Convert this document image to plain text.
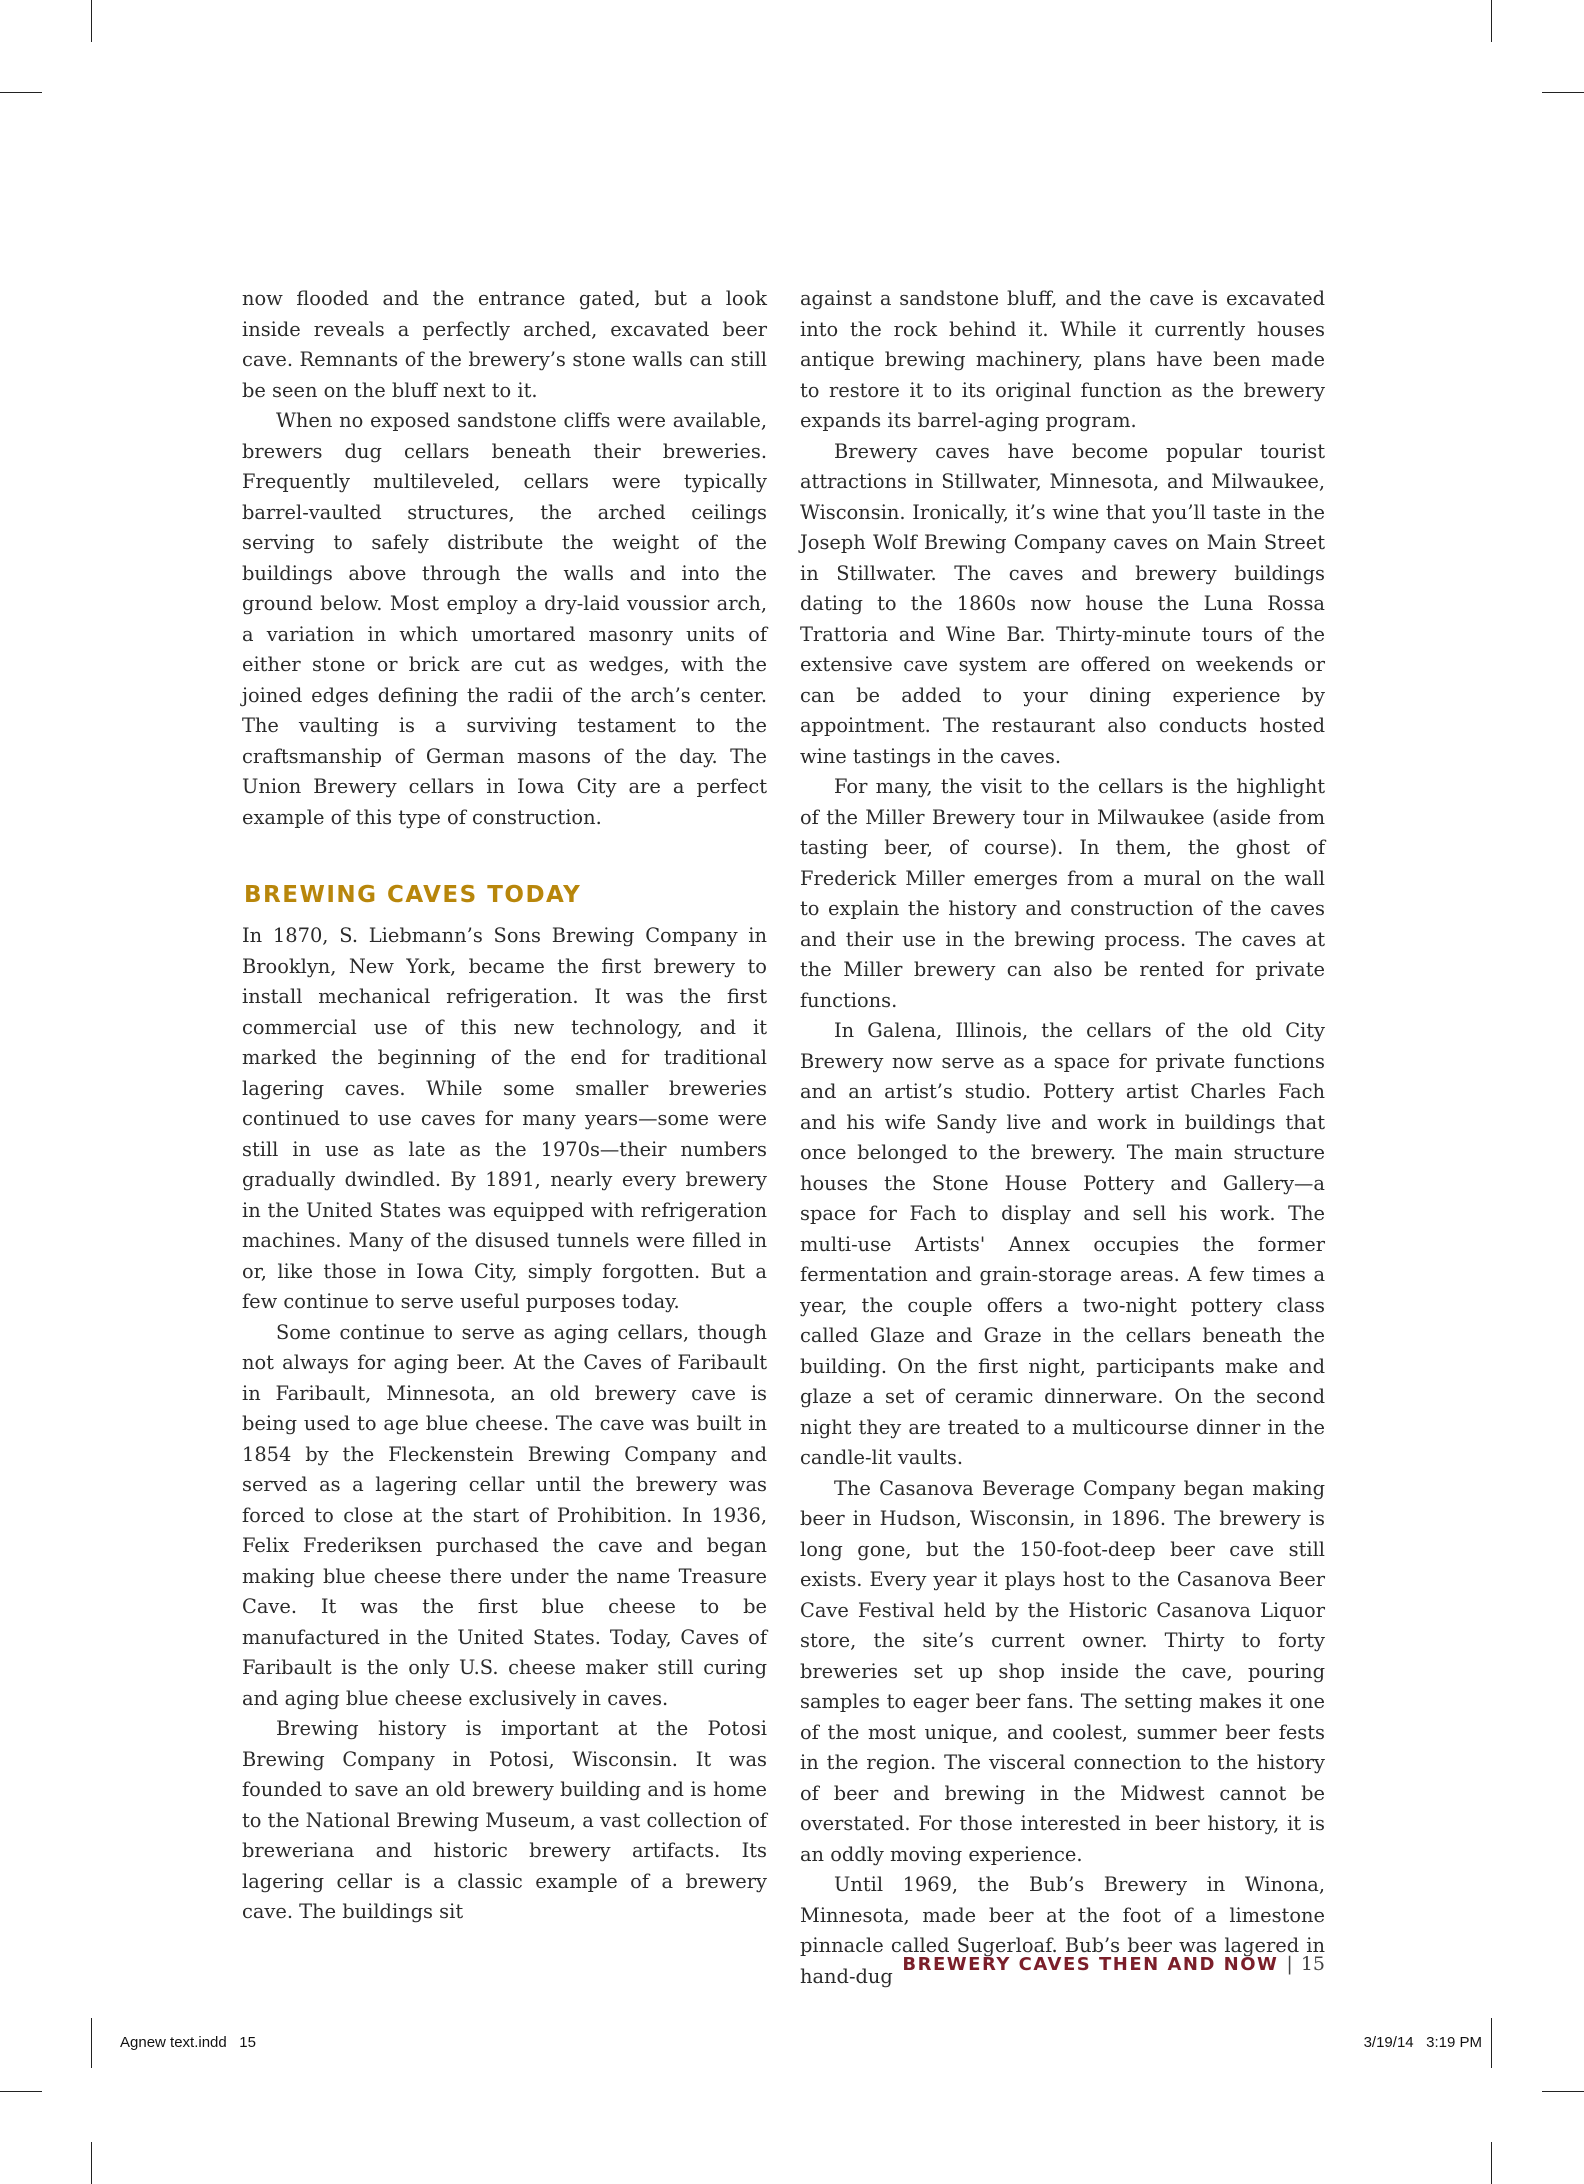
now flooded and the entrance gated, but a look inside reveals a perfectly arched, excavated beer cave. Remnants of the brewery’s stone walls can still be seen on the bluff next to it.

When no exposed sandstone cliffs were available, brewers dug cellars beneath their breweries. Frequently multileveled, cellars were typically barrel-vaulted structures, the arched ceilings serving to safely distribute the weight of the buildings above through the walls and into the ground below. Most employ a dry-laid voussior arch, a variation in which umortared masonry units of either stone or brick are cut as wedges, with the joined edges defining the radii of the arch’s center. The vaulting is a surviving testament to the craftsmanship of German masons of the day. The Union Brewery cellars in Iowa City are a perfect example of this type of construction.

BREWING CAVES TODAY

In 1870, S. Liebmann’s Sons Brewing Company in Brooklyn, New York, became the first brewery to install mechanical refrigeration. It was the first commercial use of this new technology, and it marked the beginning of the end for traditional lagering caves. While some smaller breweries continued to use caves for many years—some were still in use as late as the 1970s—their numbers gradually dwindled. By 1891, nearly every brewery in the United States was equipped with refrigeration machines. Many of the disused tunnels were filled in or, like those in Iowa City, simply forgotten. But a few continue to serve useful purposes today.

Some continue to serve as aging cellars, though not always for aging beer. At the Caves of Faribault in Faribault, Minnesota, an old brewery cave is being used to age blue cheese. The cave was built in 1854 by the Fleckenstein Brewing Company and served as a lagering cellar until the brewery was forced to close at the start of Prohibition. In 1936, Felix Frederiksen purchased the cave and began making blue cheese there under the name Treasure Cave. It was the first blue cheese to be manufactured in the United States. Today, Caves of Faribault is the only U.S. cheese maker still curing and aging blue cheese exclusively in caves.

Brewing history is important at the Potosi Brewing Company in Potosi, Wisconsin. It was founded to save an old brewery building and is home to the National Brewing Museum, a vast collection of breweriana and historic brewery artifacts. Its lagering cellar is a classic example of a brewery cave. The buildings sit

against a sandstone bluff, and the cave is excavated into the rock behind it. While it currently houses antique brewing machinery, plans have been made to restore it to its original function as the brewery expands its barrel-aging program.

Brewery caves have become popular tourist attractions in Stillwater, Minnesota, and Milwaukee, Wisconsin. Ironically, it’s wine that you’ll taste in the Joseph Wolf Brewing Company caves on Main Street in Stillwater. The caves and brewery buildings dating to the 1860s now house the Luna Rossa Trattoria and Wine Bar. Thirty-minute tours of the extensive cave system are offered on weekends or can be added to your dining experience by appointment. The restaurant also conducts hosted wine tastings in the caves.

For many, the visit to the cellars is the highlight of the Miller Brewery tour in Milwaukee (aside from tasting beer, of course). In them, the ghost of Frederick Miller emerges from a mural on the wall to explain the history and construction of the caves and their use in the brewing process. The caves at the Miller brewery can also be rented for private functions.

In Galena, Illinois, the cellars of the old City Brewery now serve as a space for private functions and an artist’s studio. Pottery artist Charles Fach and his wife Sandy live and work in buildings that once belonged to the brewery. The main structure houses the Stone House Pottery and Gallery—a space for Fach to display and sell his work. The multi-use Artists' Annex occupies the former fermentation and grain-storage areas. A few times a year, the couple offers a two-night pottery class called Glaze and Graze in the cellars beneath the building. On the first night, participants make and glaze a set of ceramic dinnerware. On the second night they are treated to a multicourse dinner in the candle-lit vaults.

The Casanova Beverage Company began making beer in Hudson, Wisconsin, in 1896. The brewery is long gone, but the 150-foot-deep beer cave still exists. Every year it plays host to the Casanova Beer Cave Festival held by the Historic Casanova Liquor store, the site’s current owner. Thirty to forty breweries set up shop inside the cave, pouring samples to eager beer fans. The setting makes it one of the most unique, and coolest, summer beer fests in the region. The visceral connection to the history of beer and brewing in the Midwest cannot be overstated. For those interested in beer history, it is an oddly moving experience.

Until 1969, the Bub’s Brewery in Winona, Minnesota, made beer at the foot of a limestone pinnacle called Sugerloaf. Bub’s beer was lagered in hand-dug BREWERY CAVES THEN AND NOW | 15
Agnew text.indd   15	3/19/14   3:19 PM
